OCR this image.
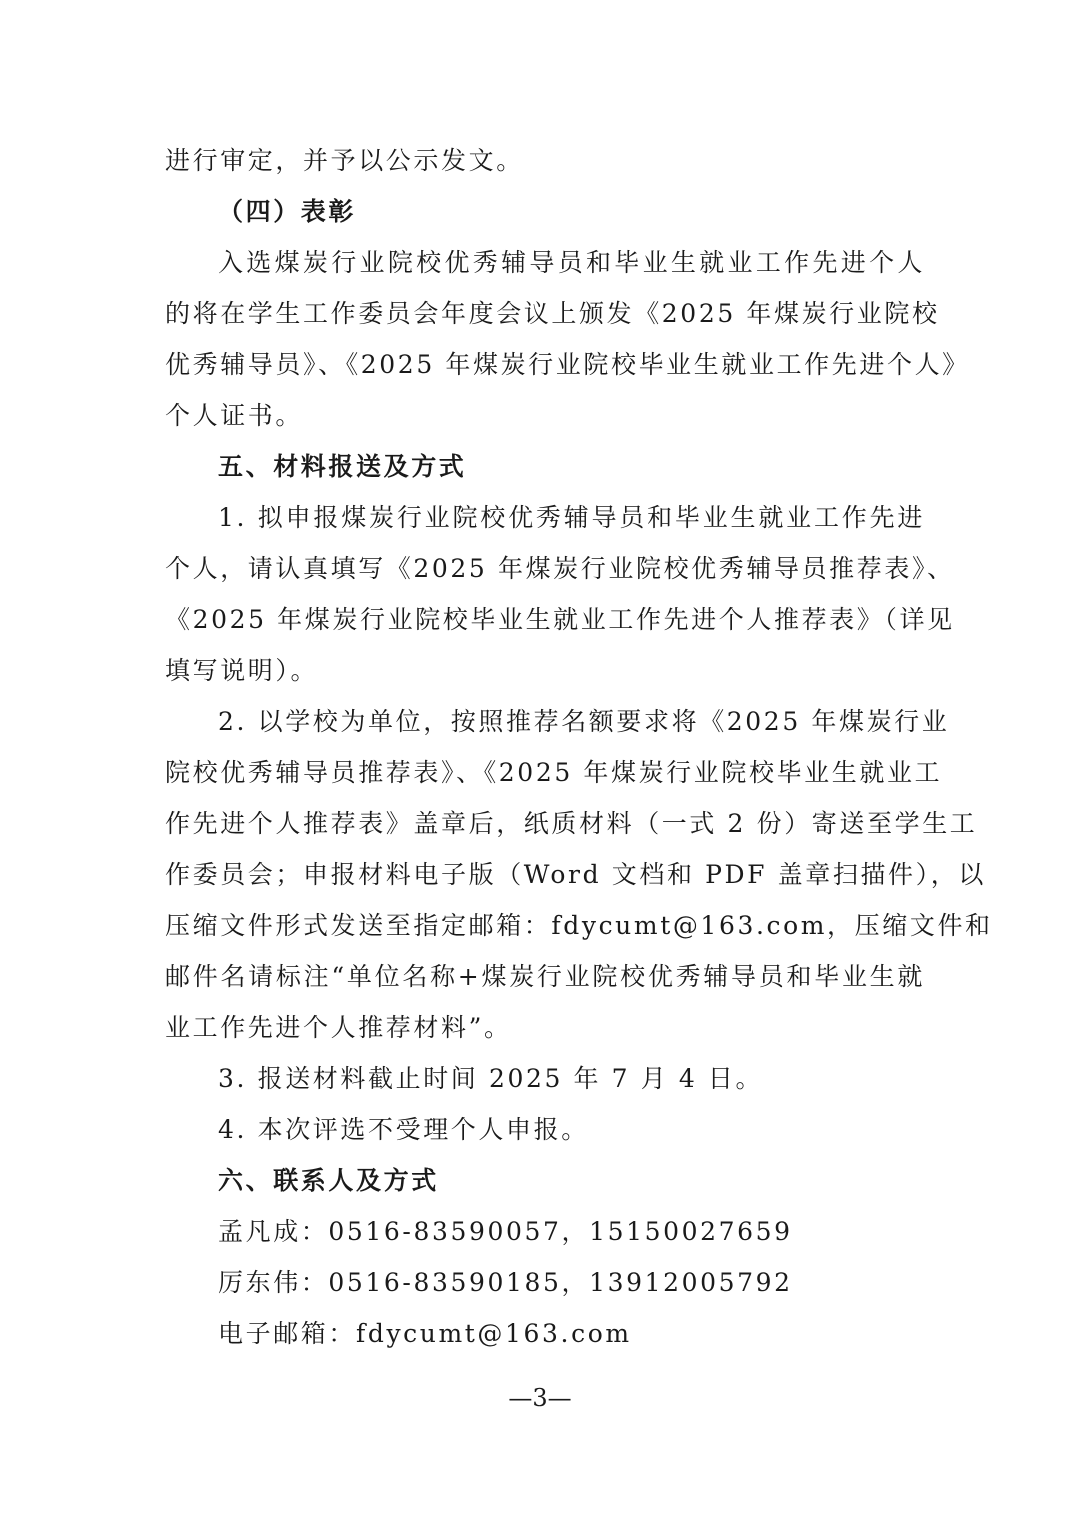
进行审定，并予以公示发文。
（四）表彰
入选煤炭行业院校优秀辅导员和毕业生就业工作先进个人
的将在学生工作委员会年度会议上颁发《2025 年煤炭行业院校
优秀辅导员》、《2025 年煤炭行业院校毕业生就业工作先进个人》
个人证书。
五、材料报送及方式
1. 拟申报煤炭行业院校优秀辅导员和毕业生就业工作先进
个人，请认真填写《2025 年煤炭行业院校优秀辅导员推荐表》、
《2025 年煤炭行业院校毕业生就业工作先进个人推荐表》（详见
填写说明）。
2. 以学校为单位，按照推荐名额要求将《2025 年煤炭行业
院校优秀辅导员推荐表》、《2025 年煤炭行业院校毕业生就业工
作先进个人推荐表》盖章后，纸质材料（一式 2 份）寄送至学生工
作委员会；申报材料电子版（Word 文档和 PDF 盖章扫描件），以
压缩文件形式发送至指定邮箱：fdycumt@163.com，压缩文件和
邮件名请标注“单位名称+煤炭行业院校优秀辅导员和毕业生就
业工作先进个人推荐材料”。
3. 报送材料截止时间 2025 年 7 月 4 日。
4. 本次评选不受理个人申报。
六、联系人及方式
孟凡成：0516-83590057，15150027659
厉东伟：0516-83590185，13912005792
电子邮箱：fdycumt@163.com
—3—
